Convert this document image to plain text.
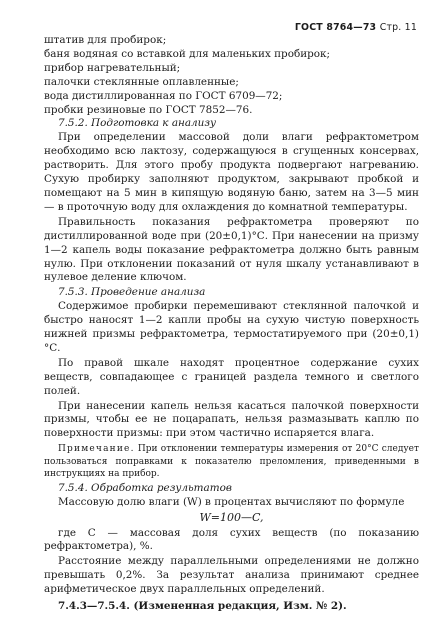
ГОСТ 8764—73 Стр. 11

штатив для пробирок;

баня водяная со вставкой для маленьких пробирок;

прибор нагревательный;

палочки стеклянные оплавленные;

вода дистиллированная по ГОСТ 6709—72;

пробки резиновые по ГОСТ 7852—76.

7.5.2. Подготовка к анализу

При определении массовой доли влаги рефрактометром необходимо всю лактозу, содержащуюся в сгущенных консервах, растворить. Для этого пробу продукта подвергают нагреванию. Сухую пробирку заполняют продуктом, закрывают пробкой и помещают на 5 мин в кипящую водяную баню, затем на 3—5 мин — в проточную воду для охлаждения до комнатной температуры.

Правильность показания рефрактометра проверяют по дистиллированной воде при (20±0,1)°С. При нанесении на призму 1—2 капель воды показание рефрактометра должно быть равным нулю. При отклонении показаний от нуля шкалу устанавливают в нулевое деление ключом.

7.5.3. Проведение анализа

Содержимое пробирки перемешивают стеклянной палочкой и быстро наносят 1—2 капли пробы на сухую чистую поверхность нижней призмы рефрактометра, термостатируемого при (20±0,1)°С.

По правой шкале находят процентное содержание сухих веществ, совпадающее с границей раздела темного и светлого полей.

При нанесении капель нельзя касаться палочкой поверхности призмы, чтобы ее не поцарапать, нельзя размазывать каплю по поверхности призмы: при этом частично испаряется влага.

Примечание. При отклонении температуры измерения от 20°С следует пользоваться поправками к показателю преломления, приведенными в инструкциях на прибор.

7.5.4. Обработка результатов

Массовую долю влаги (W) в процентах вычисляют по формуле

W=100—C,

где C — массовая доля сухих веществ (по показанию рефрактометра), %.

Расстояние между параллельными определениями не должно превышать 0,2%. За результат анализа принимают среднее арифметическое двух параллельных определений.

7.4.3—7.5.4. (Измененная редакция, Изм. № 2).
